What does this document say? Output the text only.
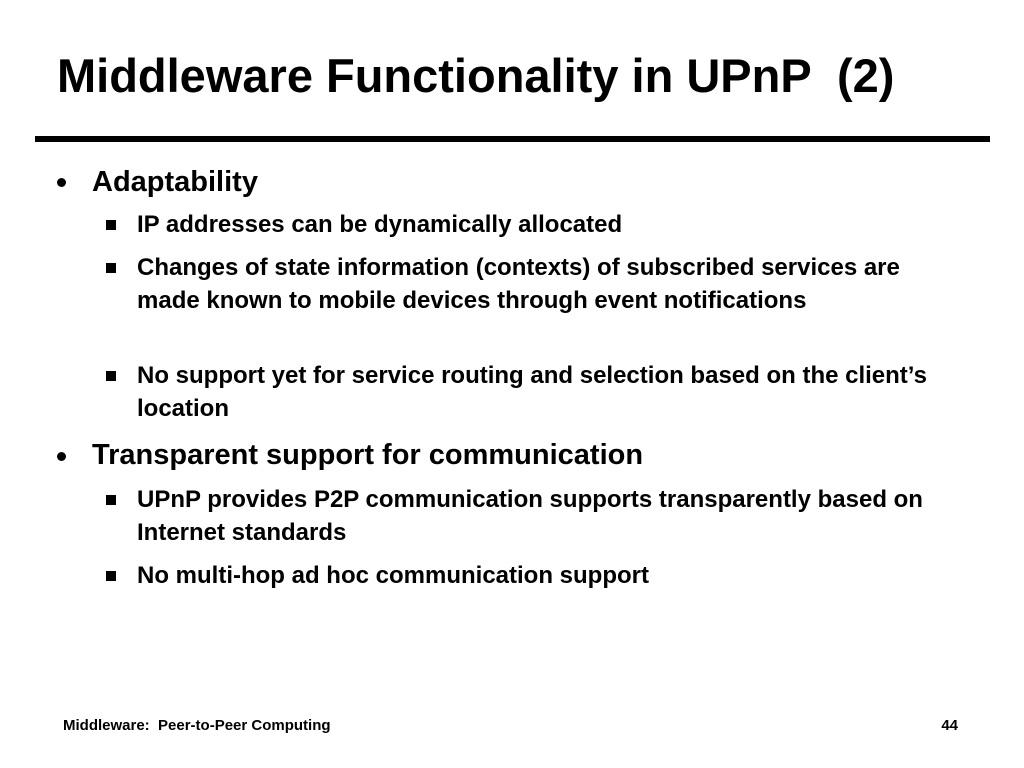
Middleware Functionality in UPnP  (2)
Adaptability
IP addresses can be dynamically allocated
Changes of state information (contexts) of subscribed services are made known to mobile devices through event notifications
No support yet for service routing and selection based on the client’s location
Transparent support for communication
UPnP provides P2P communication supports transparently based on Internet standards
No multi-hop ad hoc communication support
Middleware:  Peer-to-Peer Computing	44
